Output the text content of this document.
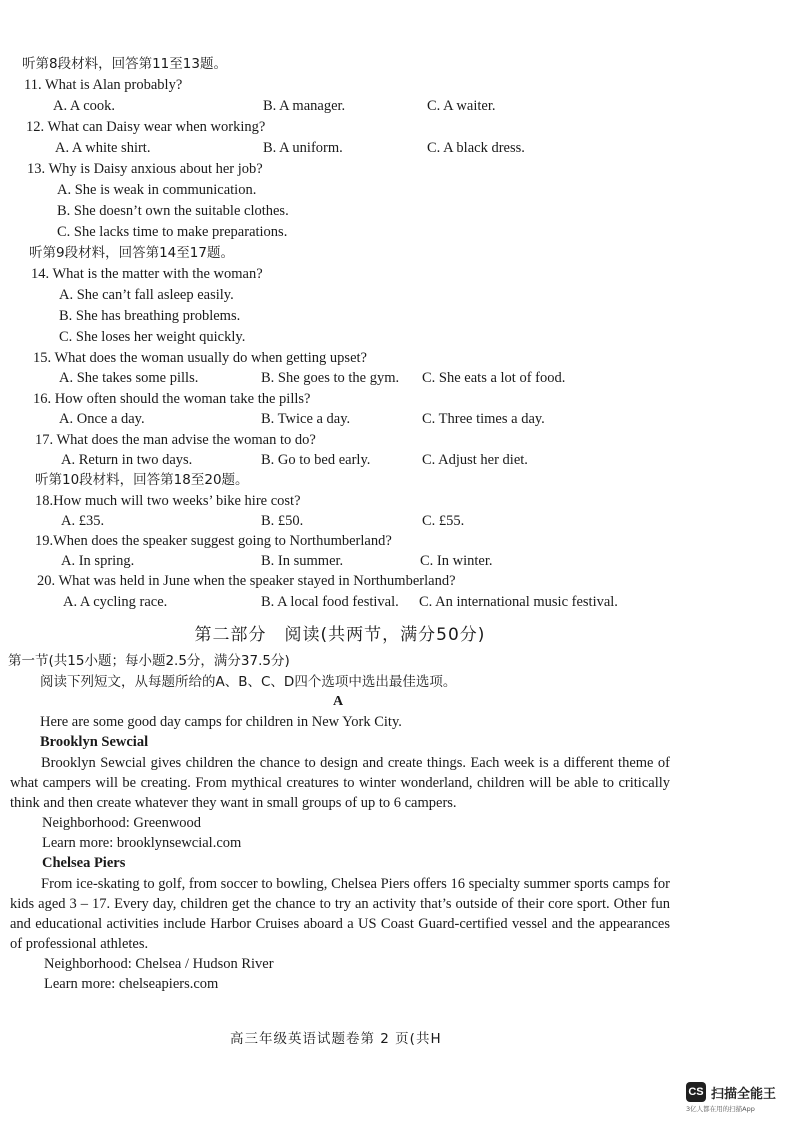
听第8段材料，回答第11至13题。
11. What is Alan probably?
A. A cook.	B. A manager.	C. A waiter.
12. What can Daisy wear when working?
A. A white shirt.	B. A uniform.	C. A black dress.
13. Why is Daisy anxious about her job?
A. She is weak in communication.
B. She doesn’t own the suitable clothes.
C. She lacks time to make preparations.
听第9段材料，回答第14至17题。
14. What is the matter with the woman?
A. She can’t fall asleep easily.
B. She has breathing problems.
C. She loses her weight quickly.
15. What does the woman usually do when getting upset?
A. She takes some pills.	B. She goes to the gym. C. She eats a lot of food.
16. How often should the woman take the pills?
A. Once a day.	B. Twice a day.	C. Three times a day.
17. What does the man advise the woman to do?
A. Return in two days.	B. Go to bed early.	C. Adjust her diet.
听第10段材料，回答第18至20题。
18.How much will two weeks’ bike hire cost?
A. £35.	B. £50.	C. £55.
19.When does the speaker suggest going to Northumberland?
A. In spring.	B. In summer.	C. In winter.
20. What was held in June when the speaker stayed in Northumberland?
A. A cycling race.	B. A local food festival. C. An international music festival.
第二部分　阅读(共两节，满分50分)
第一节(共15小题；每小题2.5分，满分37.5分)
阅读下列短文，从每题所给的A、B、C、D四个选项中选出最佳选项。
A
Here are some good day camps for children in New York City.
Brooklyn Sewcial

Brooklyn Sewcial gives children the chance to design and create things. Each week is a different theme of what campers will be creating. From mythical creatures to winter wonderland, children will be able to critically think and then create whatever they want in small groups of up to 6 campers.

Neighborhood: Greenwood
Learn more: brooklynsewcial.com
Chelsea Piers

From ice-skating to golf, from soccer to bowling, Chelsea Piers offers 16 specialty summer sports camps for kids aged 3 – 17. Every day, children get the chance to try an activity that’s outside of their core sport. Other fun and educational activities include Harbor Cruises aboard a US Coast Guard-certified vessel and the appearances of professional athletes.

Neighborhood: Chelsea / Hudson River
Learn more: chelseapiers.com
高三年级英语试题卷第 2 页(共H
CS 扫描全能王
3亿人都在用的扫描App
